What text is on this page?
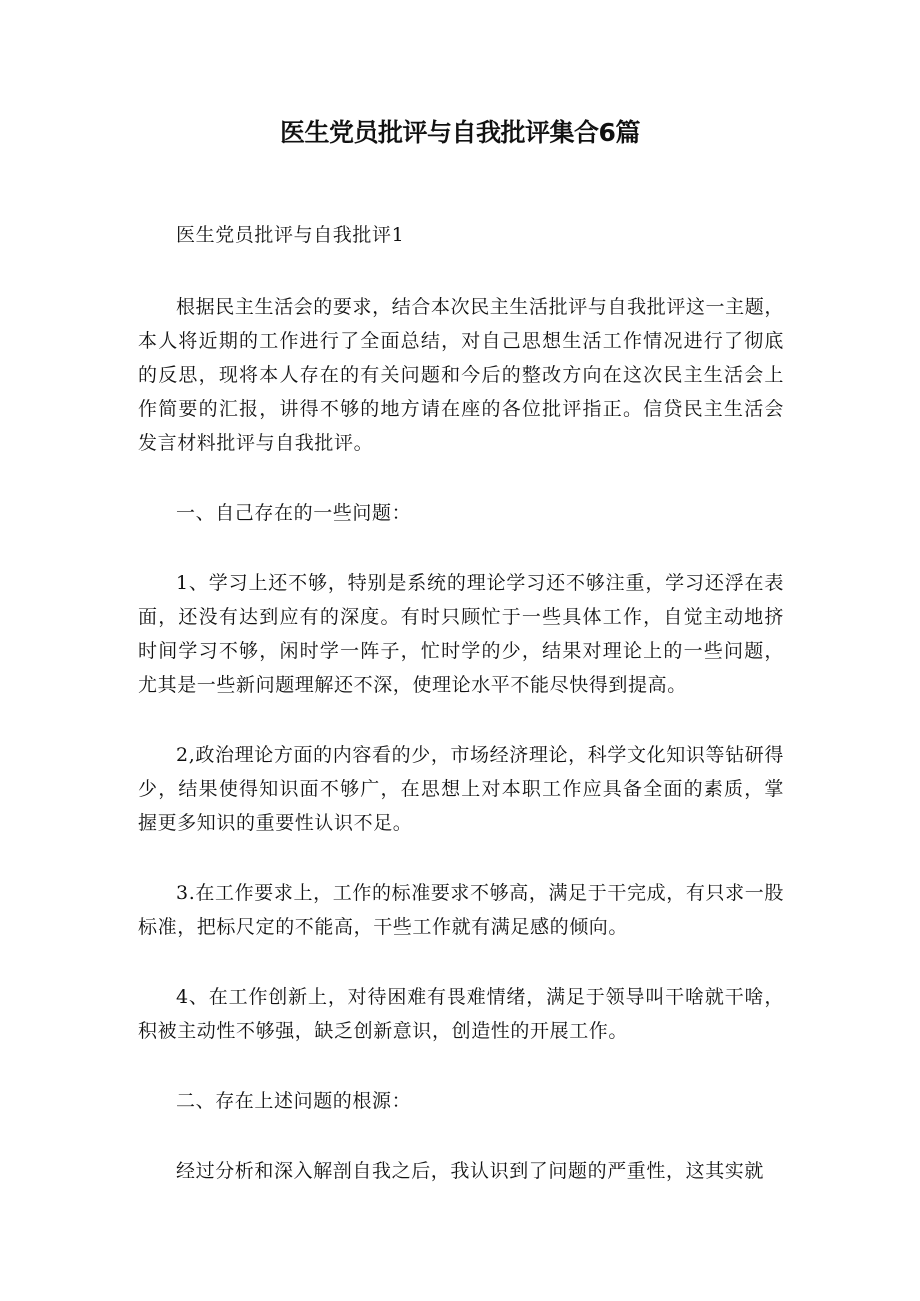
医生党员批评与自我批评集合6篇

医生党员批评与自我批评1

根据民主生活会的要求，结合本次民主生活批评与自我批评这一主题，本人将近期的工作进行了全面总结，对自己思想生活工作情况进行了彻底的反思，现将本人存在的有关问题和今后的整改方向在这次民主生活会上作简要的汇报，讲得不够的地方请在座的各位批评指正。信贷民主生活会发言材料批评与自我批评。

一、自己存在的一些问题：

1、学习上还不够，特别是系统的理论学习还不够注重，学习还浮在表面，还没有达到应有的深度。有时只顾忙于一些具体工作，自觉主动地挤时间学习不够，闲时学一阵子，忙时学的少，结果对理论上的一些问题，尤其是一些新问题理解还不深，使理论水平不能尽快得到提高。

2,政治理论方面的内容看的少，市场经济理论，科学文化知识等钻研得少，结果使得知识面不够广，在思想上对本职工作应具备全面的素质，掌握更多知识的重要性认识不足。

3.在工作要求上，工作的标准要求不够高，满足于干完成，有只求一股标准，把标尺定的不能高，干些工作就有满足感的倾向。

4、在工作创新上，对待困难有畏难情绪，满足于领导叫干啥就干啥，积被主动性不够强，缺乏创新意识，创造性的开展工作。

二、存在上述问题的根源：

经过分析和深入解剖自我之后，我认识到了问题的严重性，这其实就
